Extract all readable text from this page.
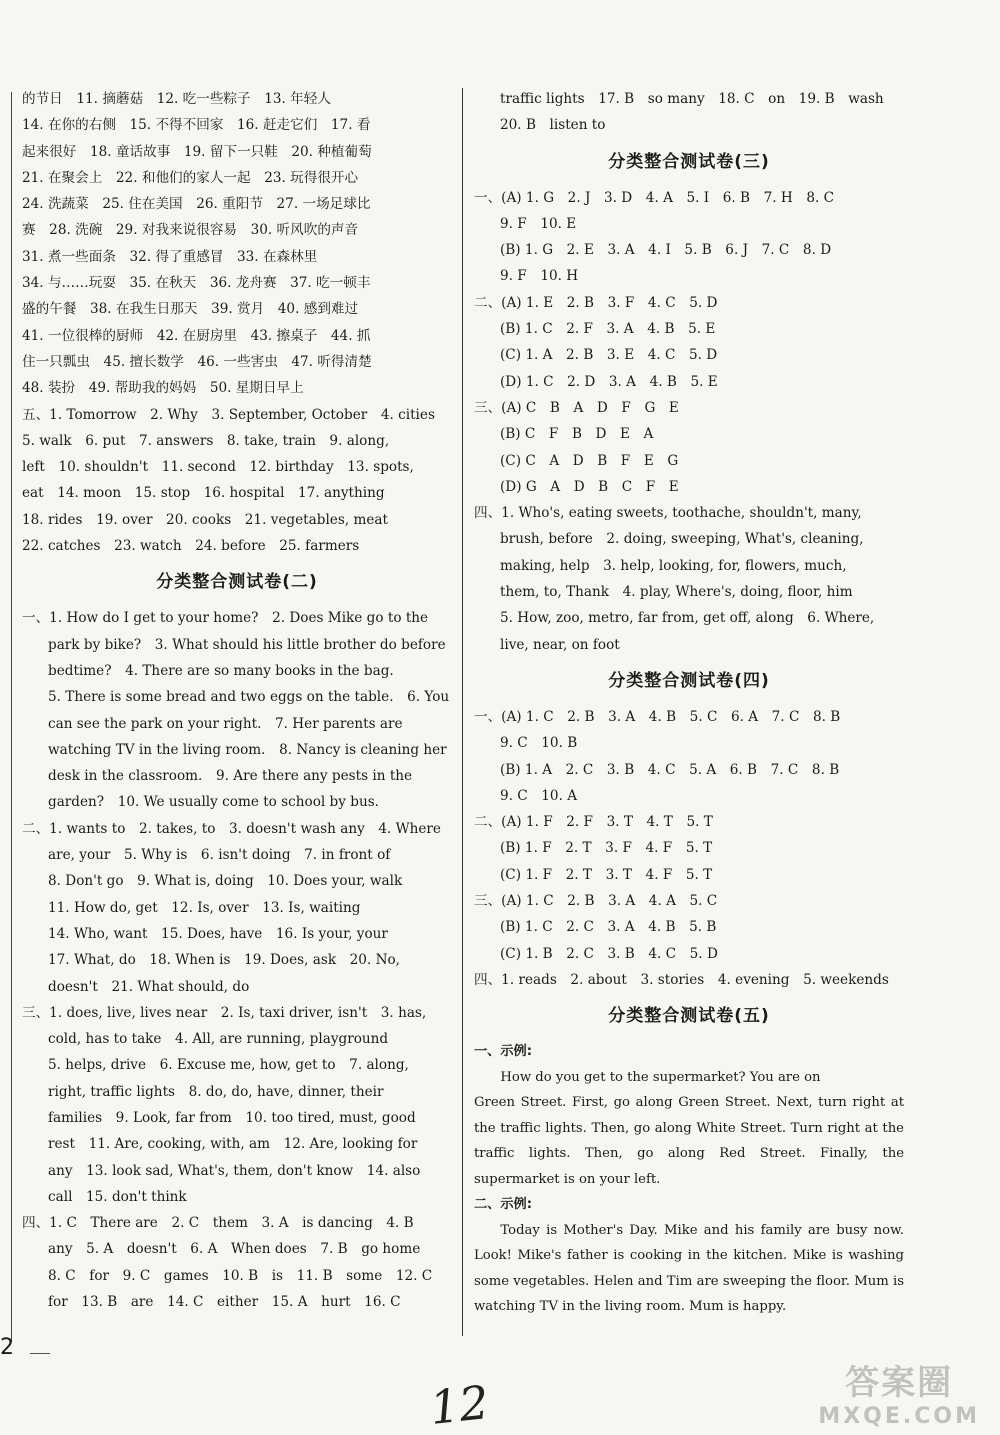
的节日　11. 摘蘑菇　12. 吃一些粽子　13. 年轻人
14. 在你的右侧　15. 不得不回家　16. 赶走它们　17. 看
起来很好　18. 童话故事　19. 留下一只鞋　20. 种植葡萄
21. 在聚会上　22. 和他们的家人一起　23. 玩得很开心
24. 洗蔬菜　25. 住在美国　26. 重阳节　27. 一场足球比
赛　28. 洗碗　29. 对我来说很容易　30. 听风吹的声音
31. 煮一些面条　32. 得了重感冒　33. 在森林里
34. 与……玩耍　35. 在秋天　36. 龙舟赛　37. 吃一顿丰
盛的午餐　38. 在我生日那天　39. 赏月　40. 感到难过
41. 一位很棒的厨师　42. 在厨房里　43. 擦桌子　44. 抓
住一只瓢虫　45. 擅长数学　46. 一些害虫　47. 听得清楚
48. 装扮　49. 帮助我的妈妈　50. 星期日早上
五、1. Tomorrow　2. Why　3. September, October　4. cities
5. walk　6. put　7. answers　8. take, train　9. along,
left　10. shouldn't　11. second　12. birthday　13. spots,
eat　14. moon　15. stop　16. hospital　17. anything
18. rides　19. over　20. cooks　21. vegetables, meat
22. catches　23. watch　24. before　25. farmers
分类整合测试卷(二)
一、1. How do I get to your home?　2. Does Mike go to the
park by bike?　3. What should his little brother do before
bedtime?　4. There are so many books in the bag.
5. There is some bread and two eggs on the table.　6. You
can see the park on your right.　7. Her parents are
watching TV in the living room.　8. Nancy is cleaning her
desk in the classroom.　9. Are there any pests in the
garden?　10. We usually come to school by bus.
二、1. wants to　2. takes, to　3. doesn't wash any　4. Where
are, your　5. Why is　6. isn't doing　7. in front of
8. Don't go　9. What is, doing　10. Does your, walk
11. How do, get　12. Is, over　13. Is, waiting
14. Who, want　15. Does, have　16. Is your, your
17. What, do　18. When is　19. Does, ask　20. No,
doesn't　21. What should, do
三、1. does, live, lives near　2. Is, taxi driver, isn't　3. has,
cold, has to take　4. All, are running, playground
5. helps, drive　6. Excuse me, how, get to　7. along,
right, traffic lights　8. do, do, have, dinner, their
families　9. Look, far from　10. too tired, must, good
rest　11. Are, cooking, with, am　12. Are, looking for
any　13. look sad, What's, them, don't know　14. also
call　15. don't think
四、1. C　There are　2. C　them　3. A　is dancing　4. B
any　5. A　doesn't　6. A　When does　7. B　go home
8. C　for　9. C　games　10. B　is　11. B　some　12. C
for　13. B　are　14. C　either　15. A　hurt　16. C
traffic lights　17. B　so many　18. C　on　19. B　wash
20. B　listen to
分类整合测试卷(三)
一、(A) 1. G　2. J　3. D　4. A　5. I　6. B　7. H　8. C
9. F　10. E
(B) 1. G　2. E　3. A　4. I　5. B　6. J　7. C　8. D
9. F　10. H
二、(A) 1. E　2. B　3. F　4. C　5. D
(B) 1. C　2. F　3. A　4. B　5. E
(C) 1. A　2. B　3. E　4. C　5. D
(D) 1. C　2. D　3. A　4. B　5. E
三、(A) C　B　A　D　F　G　E
(B) C　F　B　D　E　A
(C) C　A　D　B　F　E　G
(D) G　A　D　B　C　F　E
四、1. Who's, eating sweets, toothache, shouldn't, many,
brush, before　2. doing, sweeping, What's, cleaning,
making, help　3. help, looking, for, flowers, much,
them, to, Thank　4. play, Where's, doing, floor, him
5. How, zoo, metro, far from, get off, along　6. Where,
live, near, on foot
分类整合测试卷(四)
一、(A) 1. C　2. B　3. A　4. B　5. C　6. A　7. C　8. B
9. C　10. B
(B) 1. A　2. C　3. B　4. C　5. A　6. B　7. C　8. B
9. C　10. A
二、(A) 1. F　2. F　3. T　4. T　5. T
(B) 1. F　2. T　3. F　4. F　5. T
(C) 1. F　2. T　3. T　4. F　5. T
三、(A) 1. C　2. B　3. A　4. A　5. C
(B) 1. C　2. C　3. A　4. B　5. B
(C) 1. B　2. C　3. B　4. C　5. D
四、1. reads　2. about　3. stories　4. evening　5. weekends
分类整合测试卷(五)

一、示例:

How do you get to the supermarket? You are on

Green Street. First, go along Green Street. Next, turn right at the traffic lights. Then, go along White Street. Turn right at the traffic lights. Then, go along Red Street. Finally, the supermarket is on your left.

二、示例:

Today is Mother's Day. Mike and his family are busy now. Look! Mike's father is cooking in the kitchen. Mike is washing some vegetables. Helen and Tim are sweeping the floor. Mum is watching TV in the living room. Mum is happy.

2
12	答案圈
MXQE.COM
